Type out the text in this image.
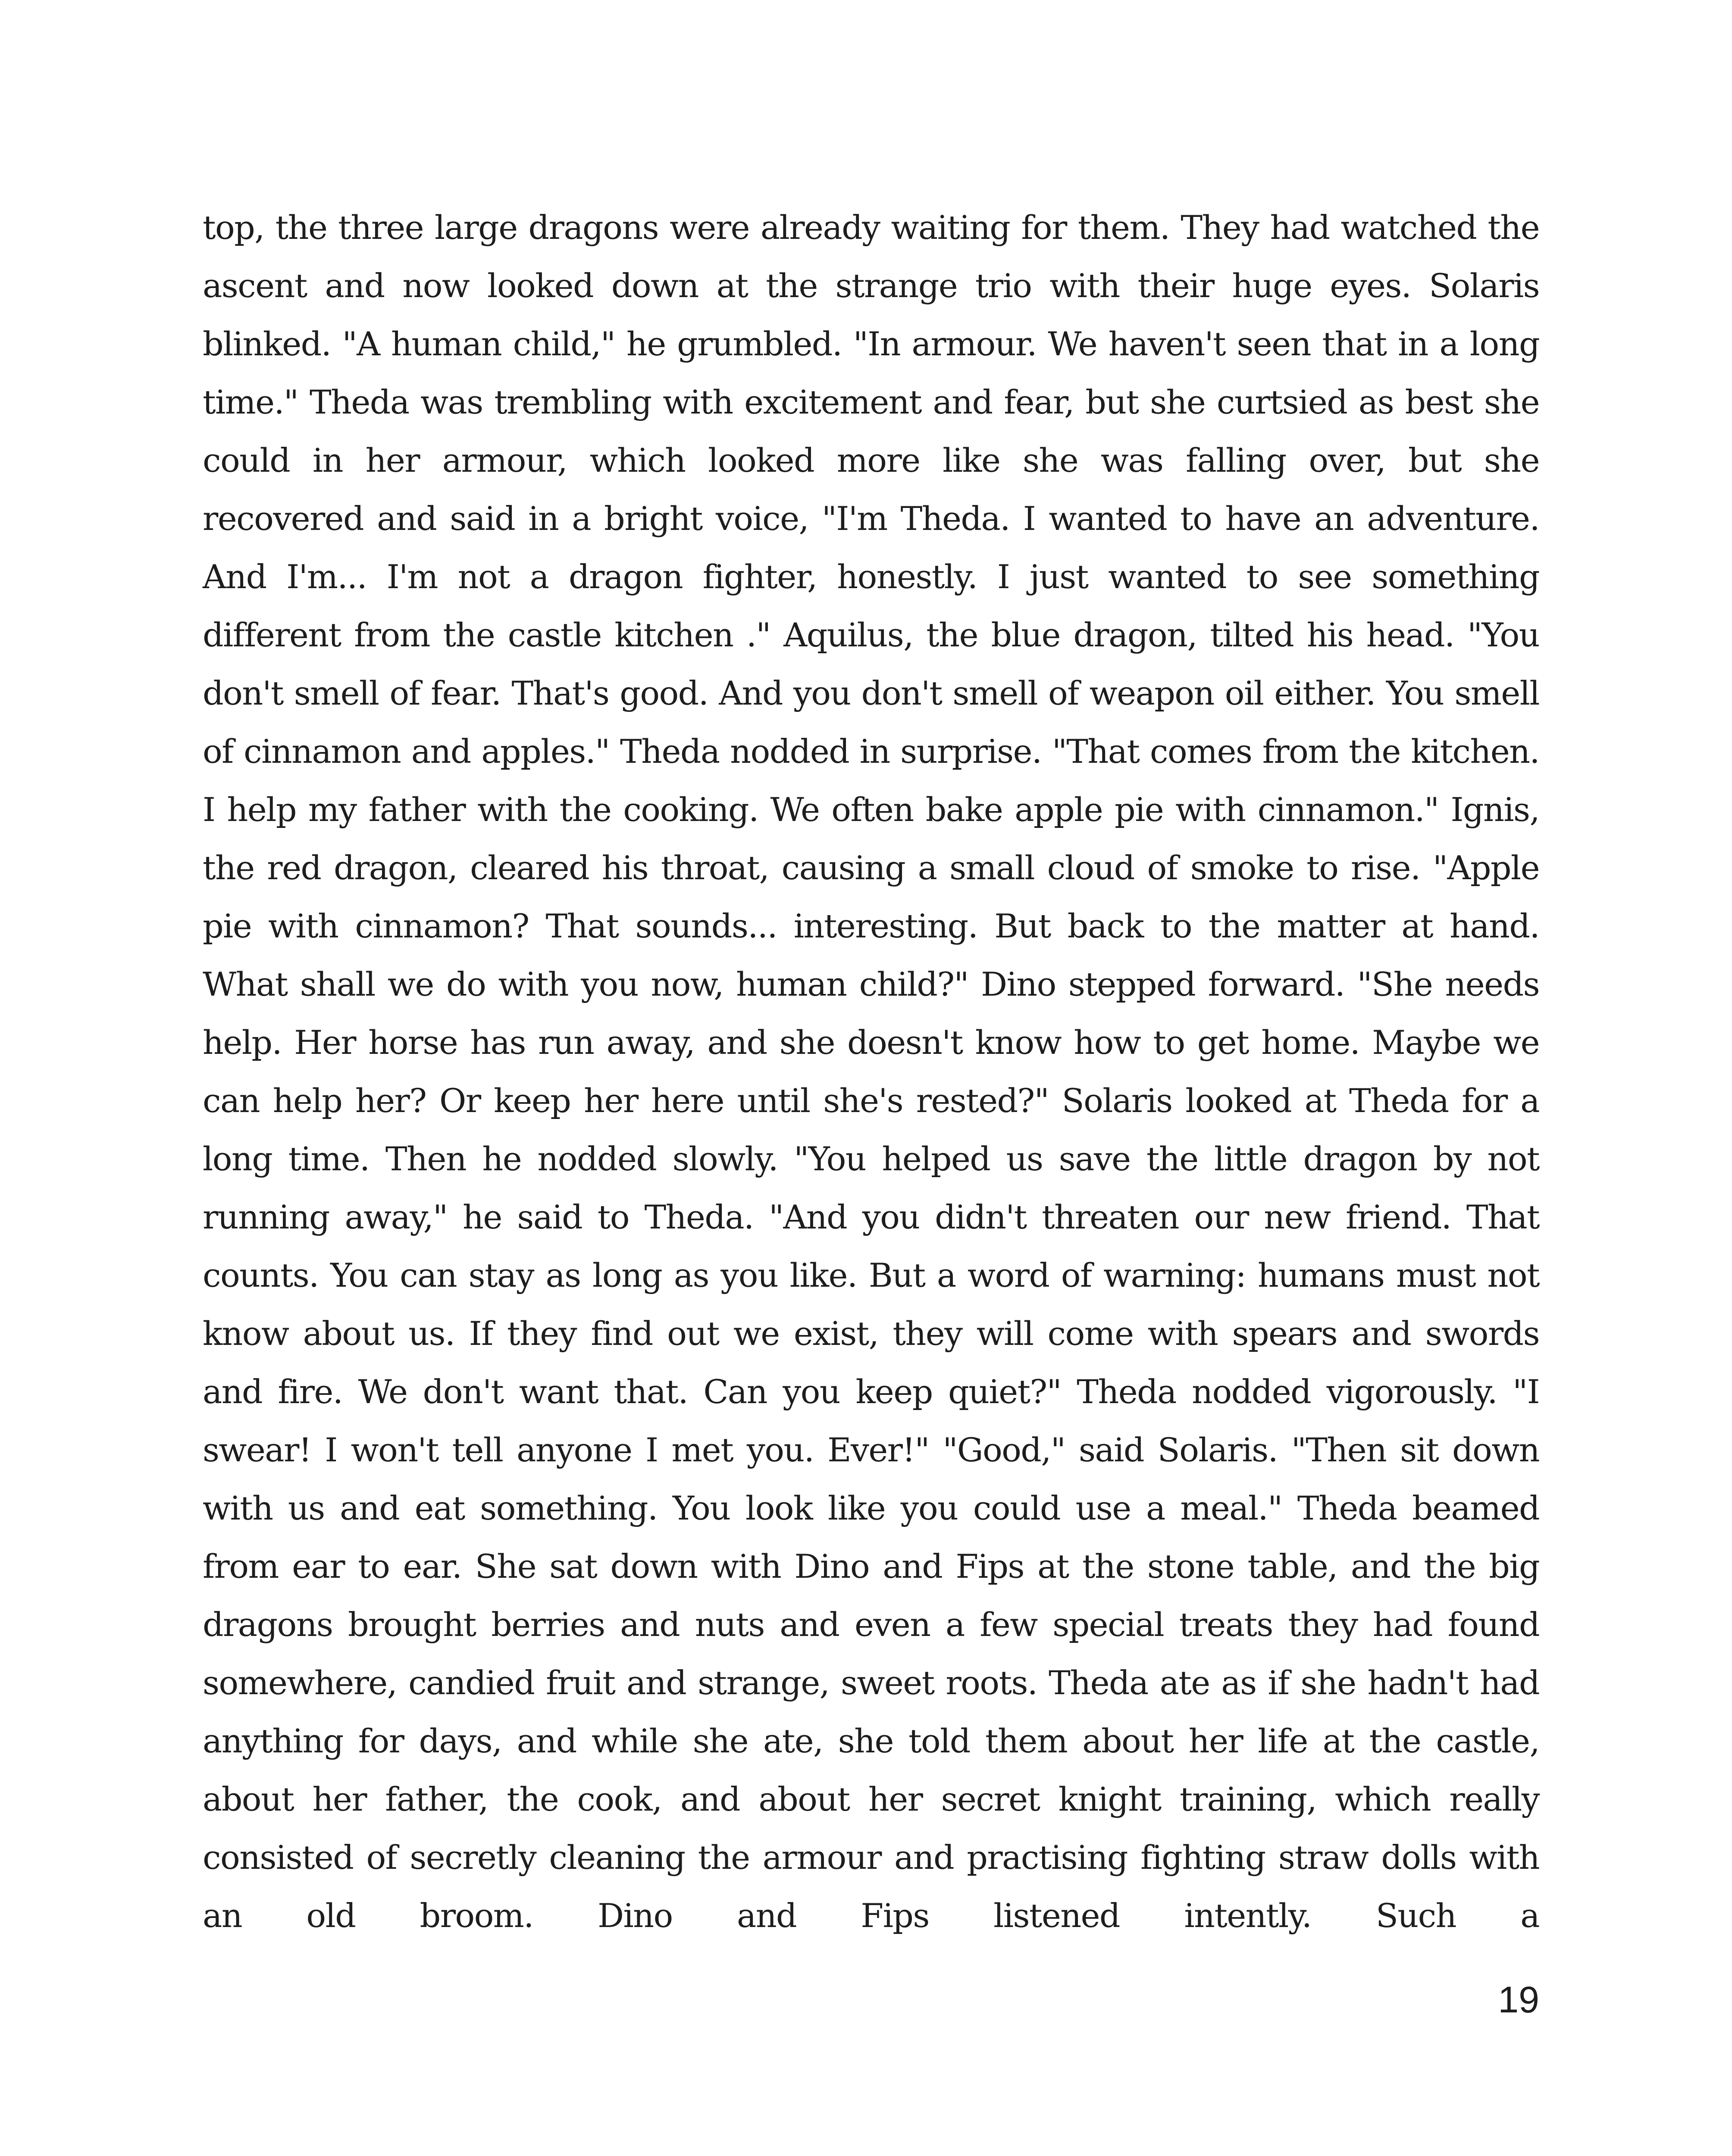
top, the three large dragons were already waiting for them. They had watched the ascent and now looked down at the strange trio with their huge eyes. Solaris blinked. "A human child," he grumbled. "In armour. We haven't seen that in a long time." Theda was trembling with excitement and fear, but she curtsied as best she could in her armour, which looked more like she was falling over, but she recovered and said in a bright voice, "I'm Theda. I wanted to have an adventure. And I'm... I'm not a dragon fighter, honestly. I just wanted to see something different from the castle kitchen ." Aquilus, the blue dragon, tilted his head. "You don't smell of fear. That's good. And you don't smell of weapon oil either. You smell of cinnamon and apples." Theda nodded in surprise. "That comes from the kitchen. I help my father with the cooking. We often bake apple pie with cinnamon." Ignis, the red dragon, cleared his throat, causing a small cloud of smoke to rise. "Apple pie with cinnamon? That sounds... interesting. But back to the matter at hand. What shall we do with you now, human child?" Dino stepped forward. "She needs help. Her horse has run away, and she doesn't know how to get home. Maybe we can help her? Or keep her here until she's rested?" Solaris looked at Theda for a long time. Then he nodded slowly. "You helped us save the little dragon by not running away," he said to Theda. "And you didn't threaten our new friend. That counts. You can stay as long as you like. But a word of warning: humans must not know about us. If they find out we exist, they will come with spears and swords and fire. We don't want that. Can you keep quiet?" Theda nodded vigorously. "I swear! I won't tell anyone I met you. Ever!" "Good," said Solaris. "Then sit down with us and eat something. You look like you could use a meal." Theda beamed from ear to ear. She sat down with Dino and Fips at the stone table, and the big dragons brought berries and nuts and even a few special treats they had found somewhere, candied fruit and strange, sweet roots. Theda ate as if she hadn't had anything for days, and while she ate, she told them about her life at the castle, about her father, the cook, and about her secret knight training, which really consisted of secretly cleaning the armour and practising fighting straw dolls with an old broom. Dino and Fips listened intently. Such a

19
